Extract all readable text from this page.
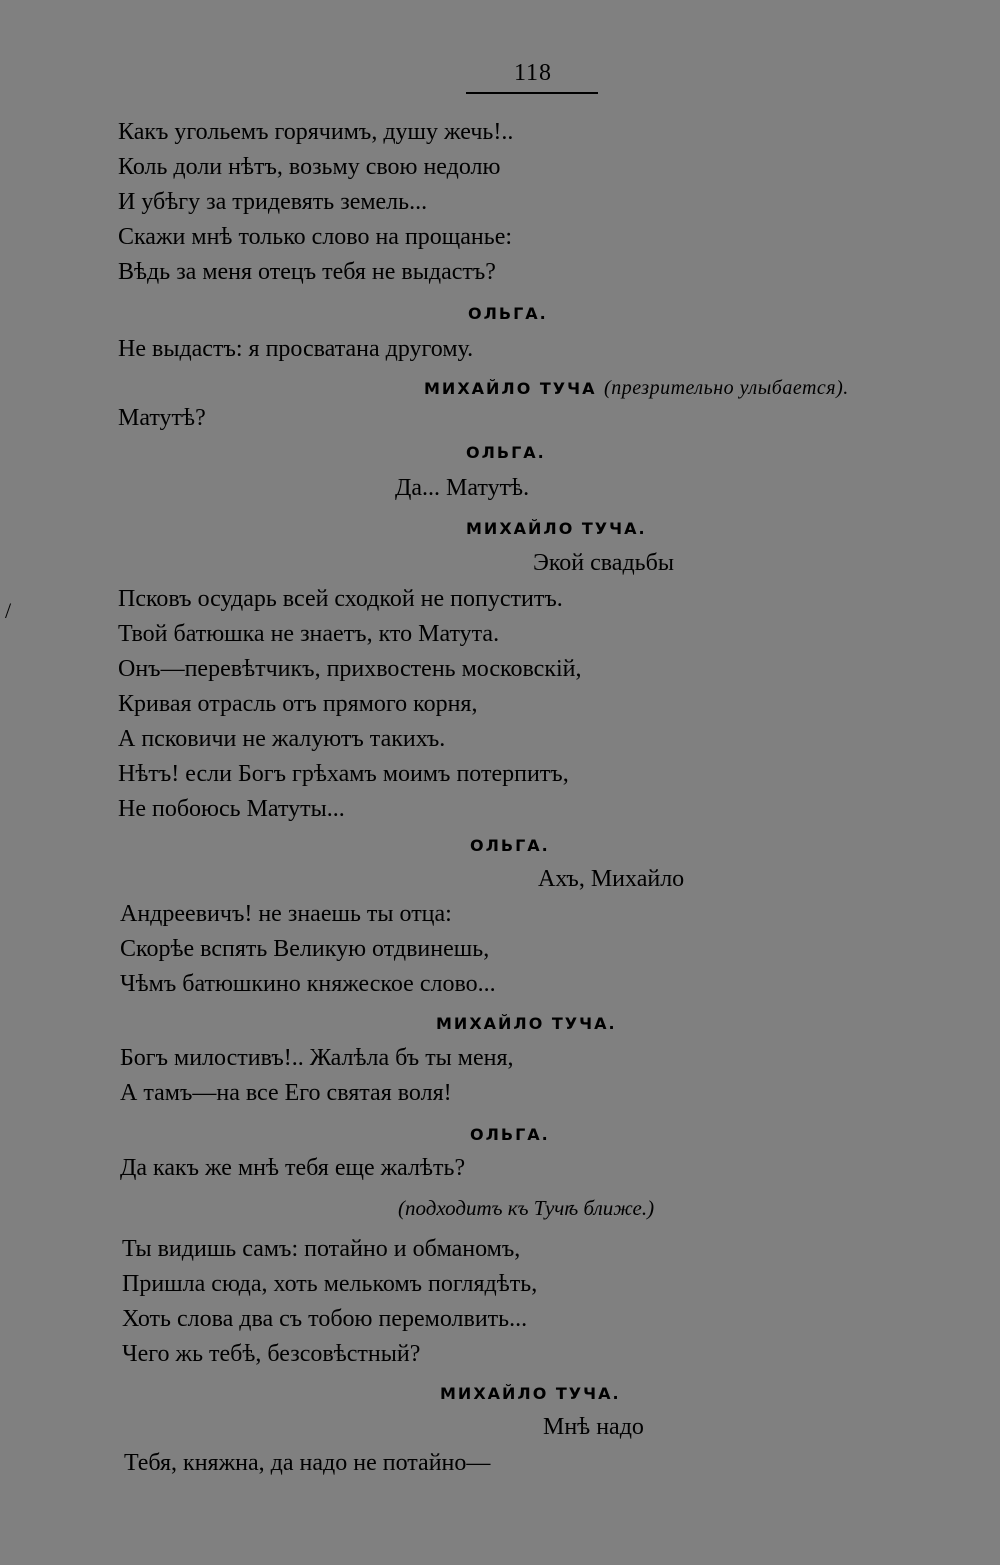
118
Какъ угольемъ горячимъ, душу жечь!..
Коль доли нѣтъ, возьму свою недолю
И убѣгу за тридевять земель...
Скажи мнѣ только слово на прощанье:
Вѣдь за меня отецъ тебя не выдастъ?
ОЛЬГА.
Не выдастъ: я просватана другому.
МИХАЙЛО ТУЧА (презрительно улыбается).
Матутѣ?
ОЛЬГА.
Да... Матутѣ.
МИХАЙЛО ТУЧА.
Экой свадьбы
/	Псковъ осударь всей сходкой не попуститъ.
Твой батюшка не знаетъ, кто Матута.
Онъ—перевѣтчикъ, прихвостень московскій,
Кривая отрасль отъ прямого корня,
А псковичи не жалуютъ такихъ.
Нѣтъ! если Богъ грѣхамъ моимъ потерпитъ,
Не побоюсь Матуты...
ОЛЬГА.
Ахъ, Михайло
Андреевичъ! не знаешь ты отца:
Скорѣе вспять Великую отдвинешь,
Чѣмъ батюшкино княжеское слово...
МИХАЙЛО ТУЧА.
Богъ милостивъ!.. Жалѣла бъ ты меня,
А тамъ—на все Его святая воля!
ОЛЬГА.
Да какъ же мнѣ тебя еще жалѣть?
(подходитъ къ Тучѣ ближе.)
Ты видишь самъ: потайно и обманомъ,
Пришла сюда, хоть мелькомъ поглядѣть,
Хоть слова два съ тобою перемолвить...
Чего жь тебѣ, безсовѣстный?
МИХАЙЛО ТУЧА.
Мнѣ надо
Тебя, княжна, да надо не потайно—
